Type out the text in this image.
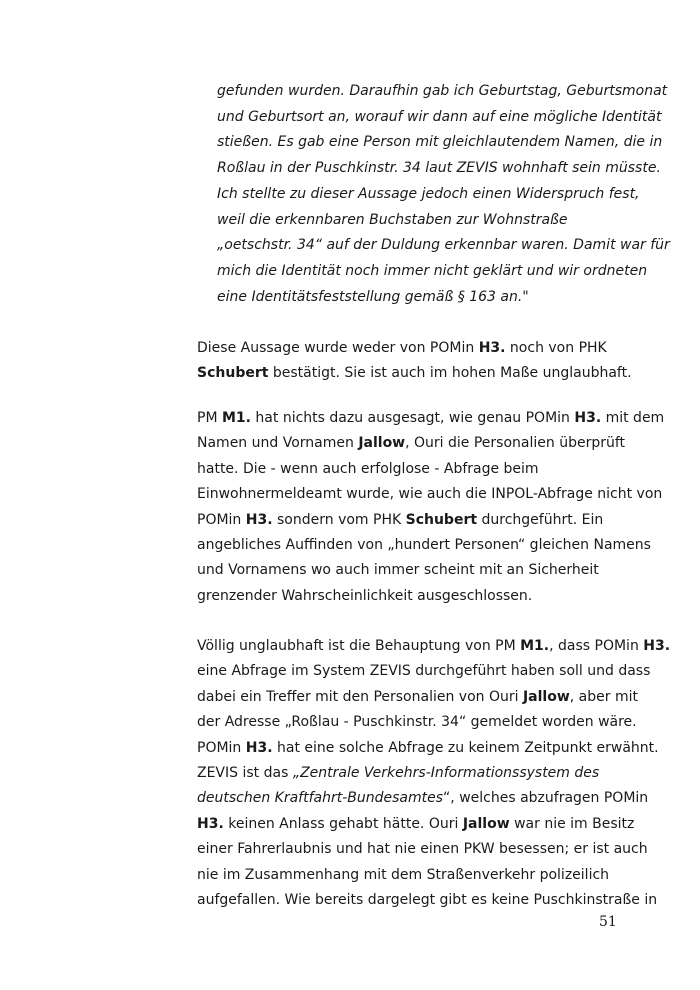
gefunden wurden. Daraufhin gab ich Geburtstag, Geburtsmonat
und Geburtsort an, worauf wir dann auf eine mögliche Identität
stießen. Es gab eine Person mit gleichlautendem Namen, die in
Roßlau in der Puschkinstr. 34 laut ZEVIS wohnhaft sein müsste.
Ich stellte zu dieser Aussage jedoch einen Widerspruch fest,
weil die erkennbaren Buchstaben zur Wohnstraße
„oetschstr. 34“ auf der Duldung erkennbar waren. Damit war für
mich die Identität noch immer nicht geklärt und wir ordneten
eine Identitätsfeststellung gemäß § 163 an."

Diese Aussage wurde weder von POMin H3. noch von PHK
Schubert bestätigt. Sie ist auch im hohen Maße unglaubhaft.

PM M1. hat nichts dazu ausgesagt, wie genau POMin H3. mit dem
Namen und Vornamen Jallow, Ouri die Personalien überprüft
hatte. Die - wenn auch erfolglose - Abfrage beim
Einwohnermeldeamt wurde, wie auch die INPOL-Abfrage nicht von
POMin H3. sondern vom PHK Schubert durchgeführt. Ein
angebliches Auffinden von „hundert Personen“ gleichen Namens
und Vornamens wo auch immer scheint mit an Sicherheit
grenzender Wahrscheinlichkeit ausgeschlossen.

Völlig unglaubhaft ist die Behauptung von PM M1., dass POMin H3.
eine Abfrage im System ZEVIS durchgeführt haben soll und dass
dabei ein Treffer mit den Personalien von Ouri Jallow, aber mit
der Adresse „Roßlau - Puschkinstr. 34“ gemeldet worden wäre.
POMin H3. hat eine solche Abfrage zu keinem Zeitpunkt erwähnt.
ZEVIS ist das „Zentrale Verkehrs-Informationssystem des
deutschen Kraftfahrt-Bundesamtes“, welches abzufragen POMin
H3. keinen Anlass gehabt hätte. Ouri Jallow war nie im Besitz
einer Fahrerlaubnis und hat nie einen PKW besessen; er ist auch
nie im Zusammenhang mit dem Straßenverkehr polizeilich
aufgefallen. Wie bereits dargelegt gibt es keine Puschkinstraße in

51
